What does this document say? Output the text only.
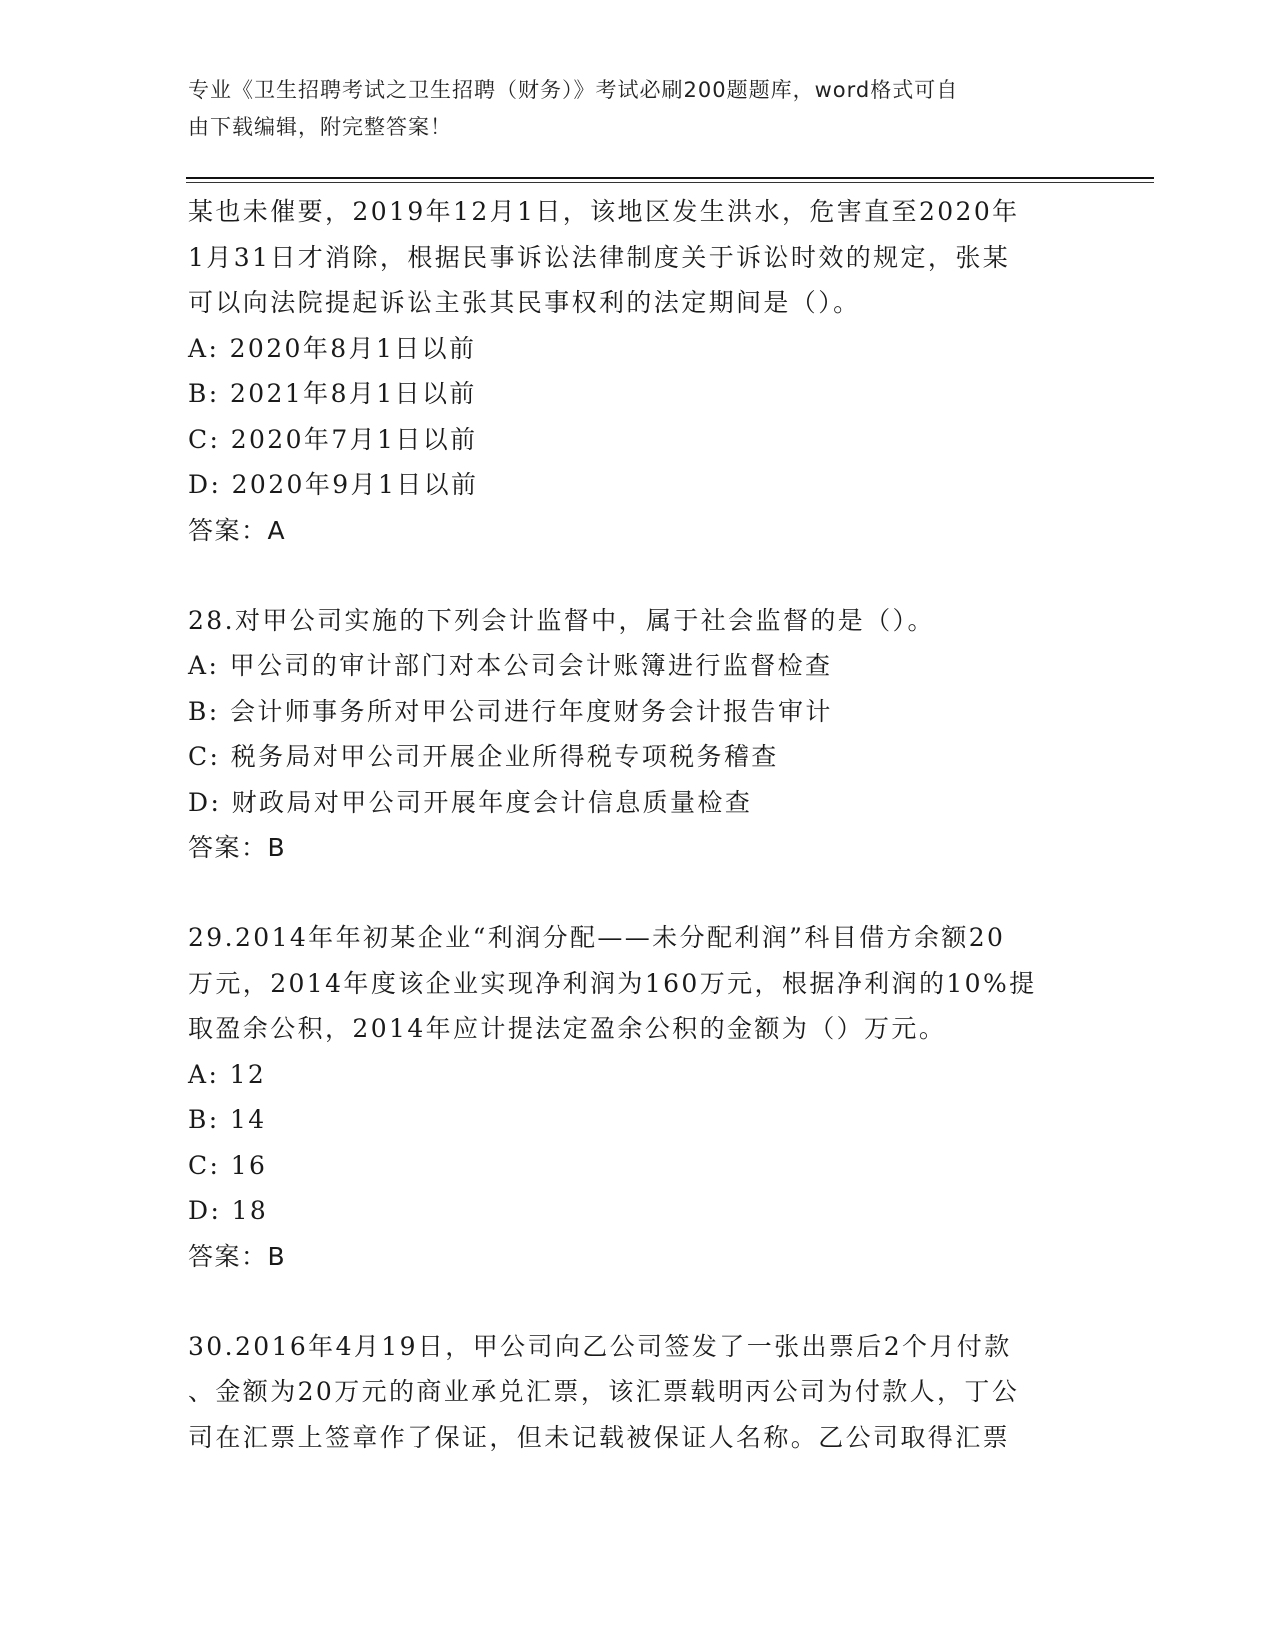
专业《卫生招聘考试之卫生招聘（财务）》考试必刷200题题库，word格式可自
由下载编辑，附完整答案！
某也未催要，2019年12月1日，该地区发生洪水，危害直至2020年
1月31日才消除，根据民事诉讼法律制度关于诉讼时效的规定，张某
可以向法院提起诉讼主张其民事权利的法定期间是（）。
A: 2020年8月1日以前
B: 2021年8月1日以前
C: 2020年7月1日以前
D: 2020年9月1日以前
答案：A
28.对甲公司实施的下列会计监督中，属于社会监督的是（）。
A: 甲公司的审计部门对本公司会计账簿进行监督检查
B: 会计师事务所对甲公司进行年度财务会计报告审计
C: 税务局对甲公司开展企业所得税专项税务稽查
D: 财政局对甲公司开展年度会计信息质量检查
答案：B
29.2014年年初某企业“利润分配——未分配利润”科目借方余额20
万元，2014年度该企业实现净利润为160万元，根据净利润的10%提
取盈余公积，2014年应计提法定盈余公积的金额为（）万元。
A: 12
B: 14
C: 16
D: 18
答案：B
30.2016年4月19日，甲公司向乙公司签发了一张出票后2个月付款
、金额为20万元的商业承兑汇票，该汇票载明丙公司为付款人，丁公
司在汇票上签章作了保证，但未记载被保证人名称。乙公司取得汇票
